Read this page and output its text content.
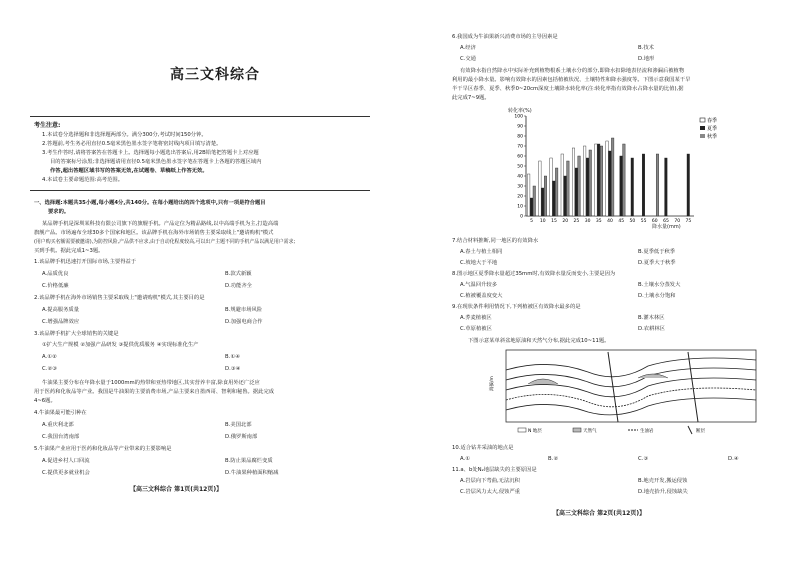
高三文科综合
考生注意:
1.本试卷分选择题和非选择题两部分。满分300分,考试时间150分钟。
2.答题前,考生务必用直径0.5毫米黑色墨水签字笔将密封线内项目填写清楚。
3.考生作答时,请将答案答在答题卡上。选择题每小题选出答案后,用2B铅笔把答题卡上对应题
目的答案标号涂黑;非选择题请用直径0.5毫米黑色墨水签字笔在答题卡上各题的答题区域内
作答,超出答题区域书写的答案无效,在试题卷、草稿纸上作答无效。
4.本试卷主要命题范围:高考范围。
一、选择题:本题共35小题,每小题4分,共140分。在每小题给出的四个选项中,只有一项是符合题目
要求的。
某品牌手机是深圳某科技有限公司旗下的旗舰手机。产品定位为精品路线,以中高端手机为主,打造高端
旗舰产品。市场遍布全球30多个国家和地区。该品牌手机在海外市场销售主要采取线上"邀请购机"模式
(用户购买名额需要被邀请),为防控风险,产品供不应求,由于自动化程度较高,可以出产主题不同的手机产品以满足用户需求;
买到手机。据此完成1~3题。
1.该品牌手机迅速打开国际市场,主要得益于
A.品质优良	B.款式新颖
C.价格低廉	D.功能齐全
2.该品牌手机在海外市场销售主要采取线上"邀请购机"模式,其主要目的是
A.提高服务质量	B.规避市场风险
C.增强品牌效应	D.加强电商合作
3.该品牌手机扩大全球销售的关键是
①扩大生产规模 ②加强产品研发 ③提供优质服务 ④实现标准化生产
A.①②	B.①④
C.②③	D.③④
牛油果主要分布在年降水量于1000mm的热带和亚热带地区,其实营养丰富,除食用外还广泛应
用于医药和化妆品等产业。我国是牛油果的主要消费市场,产品主要来自墨西哥、智利和秘鲁。据此完成
4~6题。
4.牛油果最可能引种在
A.重庆利北部	B.美国北部
C.我国台湾南部	D.俄罗斯南部
5.牛油果产业应用于医药和化妆品等产业带来的主要影响是
A.促进乡村人口回流	B.防止果品腐烂变质
C.提供更多就业机会	D.牛油果种植面积缩减
【高三文科综合 第1页(共12页)】
6.我国成为牛油果新兴消费市场的主导因素是
A.经济	B.技术
C.交通	D.地形
有效降水指自然降水中实际补充到植物根系土壤水分的部分,即降水扣除地表径流和渗漏后被植物
利用的最小降水量。影响有效降水的因素包括植被状况、土壤特性和降水强度等。下图示意我国某干旱
半干旱区春季、夏季、秋季0~20cm深度土壤降水转化率(注:转化率指有效降水占降水量的比值),据
此完成7~9题。
转化率(%)
降水量(mm)
0
10
20
30
40
50
60
70
80
90
100
5 10 15 20 25 30 35 40 45 50 55 60 65 70 75
春季
夏季
秋季
7.结合材料推断,同一地区的有效降水
A.春土与植土相同	B.夏季低于秋季
C.坡地大于平地	D.夏季大于秋季
8.图示地区夏季降水量超过35mm时,有效降水量反而变小,主要是因为
A.气温回升较多	B.土壤水分蒸发大
C.植被覆盖度变大	D.土壤水分饱和
9.在现状条件利用情况下,下列植被区有效降水最多的是
A.荞麦植被区	B.灌木林区
C.草原植被区	D.农耕林区
下图示意某单斜盆地原油和天然气分布,据此完成10~11题。
海拔/m
N 地层	天然气	生油岩	断层
10.适合钻井采油的地点是
A.①	B.②	C.③	D.④
11.a、b处N₂地层缺失的主要原因是
A.岩层向下弯曲,无法沉积	B.地壳开发,搬运侵蚀
C.岩层风力太大,侵蚀严重	D.地壳抬升,侵蚀缺失
【高三文科综合 第2页(共12页)】
